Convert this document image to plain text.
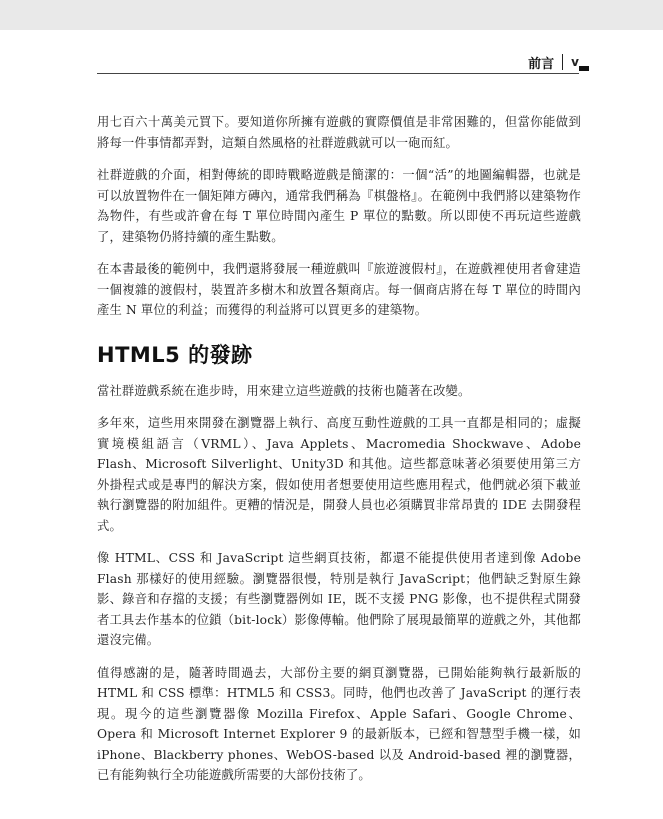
前言 v

用七百六十萬美元買下。要知道你所擁有遊戲的實際價值是非常困難的，但當你能做到將每一件事情都弄對，這類自然風格的社群遊戲就可以一砲而紅。

社群遊戲的介面，相對傳統的即時戰略遊戲是簡潔的：一個“活”的地圖編輯器，也就是可以放置物件在一個矩陣方磚內，通常我們稱為『棋盤格』。在範例中我們將以建築物作為物件，有些或許會在每 T 單位時間內產生 P 單位的點數。所以即使不再玩這些遊戲了，建築物仍將持續的產生點數。

在本書最後的範例中，我們還將發展一種遊戲叫『旅遊渡假村』，在遊戲裡使用者會建造一個複雜的渡假村，裝置許多樹木和放置各類商店。每一個商店將在每 T 單位的時間內產生 N 單位的利益；而獲得的利益將可以買更多的建築物。

HTML5 的發跡

當社群遊戲系統在進步時，用來建立這些遊戲的技術也隨著在改變。

多年來，這些用來開發在瀏覽器上執行、高度互動性遊戲的工具一直都是相同的；虛擬實境模組語言（VRML）、Java Applets、Macromedia Shockwave、Adobe Flash、Microsoft Silverlight、Unity3D 和其他。這些都意味著必須要使用第三方外掛程式或是專門的解決方案，假如使用者想要使用這些應用程式，他們就必須下載並執行瀏覽器的附加組件。更糟的情況是，開發人員也必須購買非常昂貴的 IDE 去開發程式。

像 HTML、CSS 和 JavaScript 這些網頁技術，都還不能提供使用者達到像 Adobe Flash 那樣好的使用經驗。瀏覽器很慢，特別是執行 JavaScript；他們缺乏對原生錄影、錄音和存擋的支援；有些瀏覽器例如 IE，既不支援 PNG 影像，也不提供程式開發者工具去作基本的位鎖（bit-lock）影像傳輸。他們除了展現最簡單的遊戲之外，其他都還沒完備。

值得感謝的是，隨著時間過去，大部份主要的網頁瀏覽器，已開始能夠執行最新版的 HTML 和 CSS 標準：HTML5 和 CSS3。同時，他們也改善了 JavaScript 的運行表現。現今的這些瀏覽器像 Mozilla Firefox、Apple Safari、Google Chrome、Opera 和 Microsoft Internet Explorer 9 的最新版本，已經和智慧型手機一樣，如 iPhone、Blackberry phones、WebOS-based 以及 Android-based 裡的瀏覽器，已有能夠執行全功能遊戲所需要的大部份技術了。
